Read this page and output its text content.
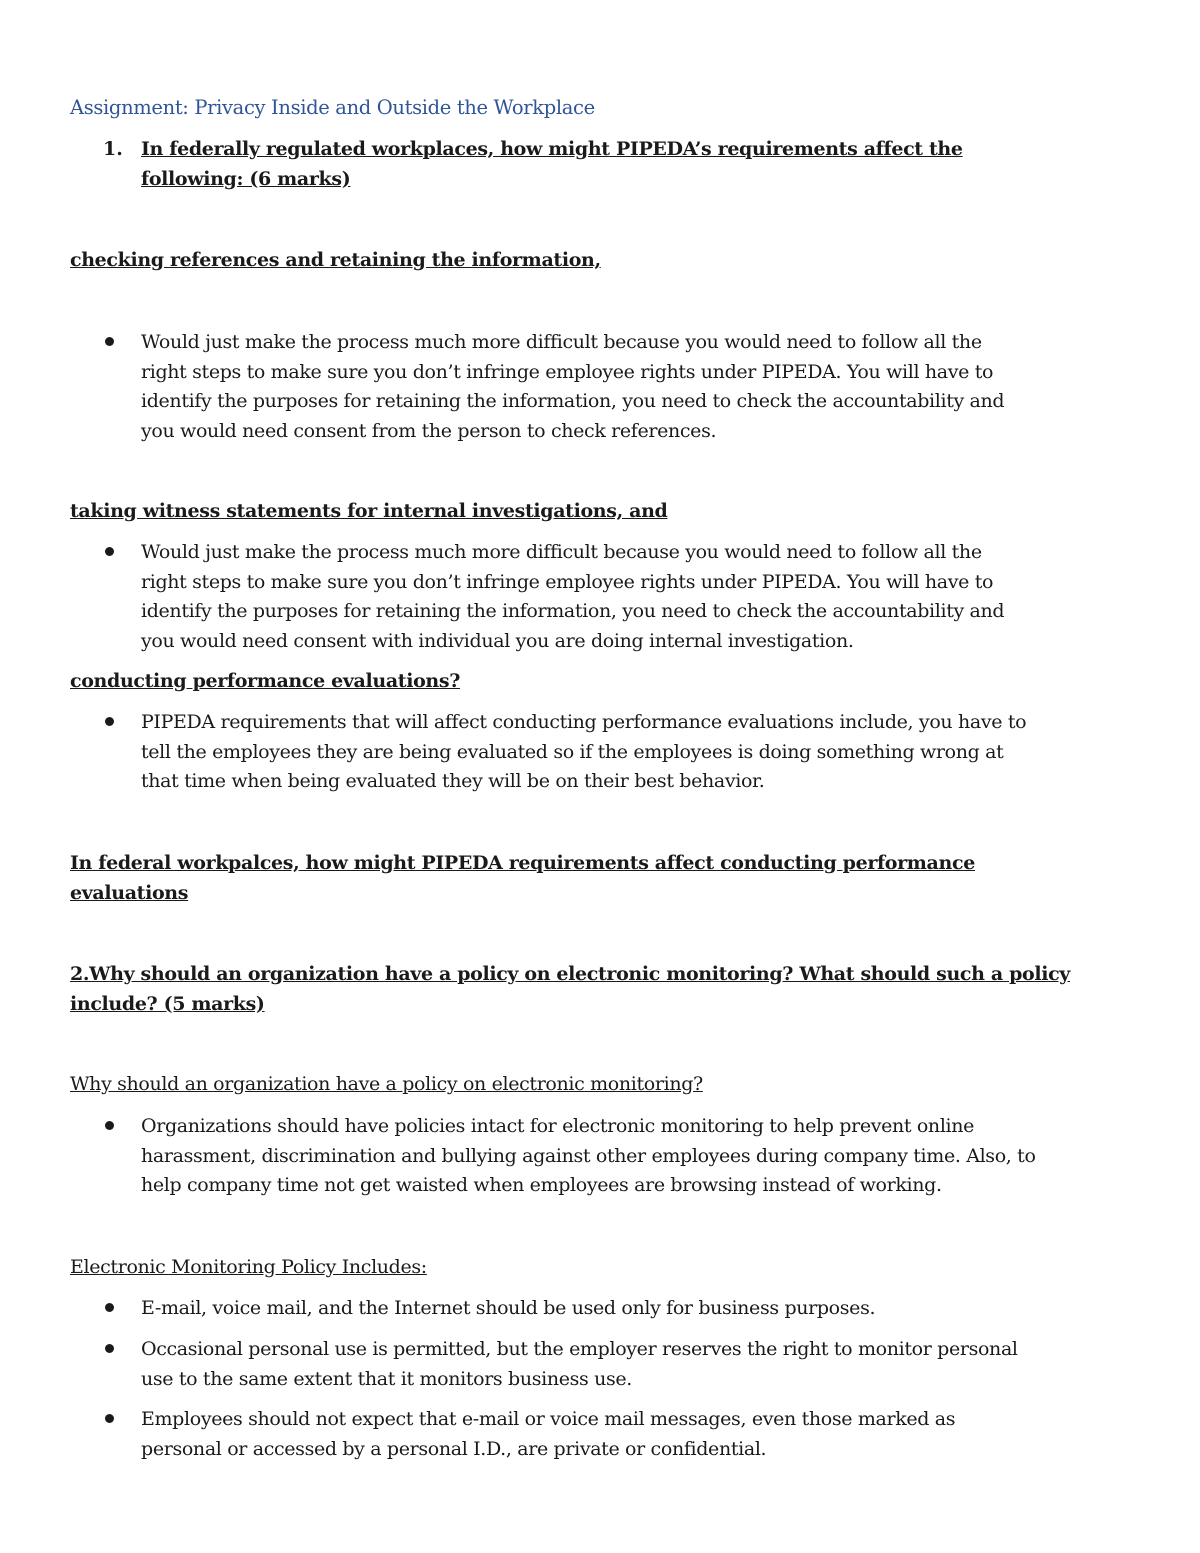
Assignment: Privacy Inside and Outside the Workplace
1. In federally regulated workplaces, how might PIPEDA’s requirements affect the
following: (6 marks)
checking references and retaining the information,
Would just make the process much more difficult because you would need to follow all the
right steps to make sure you don’t infringe employee rights under PIPEDA. You will have to
identify the purposes for retaining the information, you need to check the accountability and
you would need consent from the person to check references.
taking witness statements for internal investigations, and
Would just make the process much more difficult because you would need to follow all the
right steps to make sure you don’t infringe employee rights under PIPEDA. You will have to
identify the purposes for retaining the information, you need to check the accountability and
you would need consent with individual you are doing internal investigation.
conducting performance evaluations?
PIPEDA requirements that will affect conducting performance evaluations include, you have to
tell the employees they are being evaluated so if the employees is doing something wrong at
that time when being evaluated they will be on their best behavior.
In federal workpalces, how might PIPEDA requirements affect conducting performance
evaluations
2.Why should an organization have a policy on electronic monitoring? What should such a policy
include? (5 marks)
Why should an organization have a policy on electronic monitoring?
Organizations should have policies intact for electronic monitoring to help prevent online
harassment, discrimination and bullying against other employees during company time. Also, to
help company time not get waisted when employees are browsing instead of working.
Electronic Monitoring Policy Includes:
E-mail, voice mail, and the Internet should be used only for business purposes.
Occasional personal use is permitted, but the employer reserves the right to monitor personal
use to the same extent that it monitors business use.
Employees should not expect that e-mail or voice mail messages, even those marked as
personal or accessed by a personal I.D., are private or confidential.
